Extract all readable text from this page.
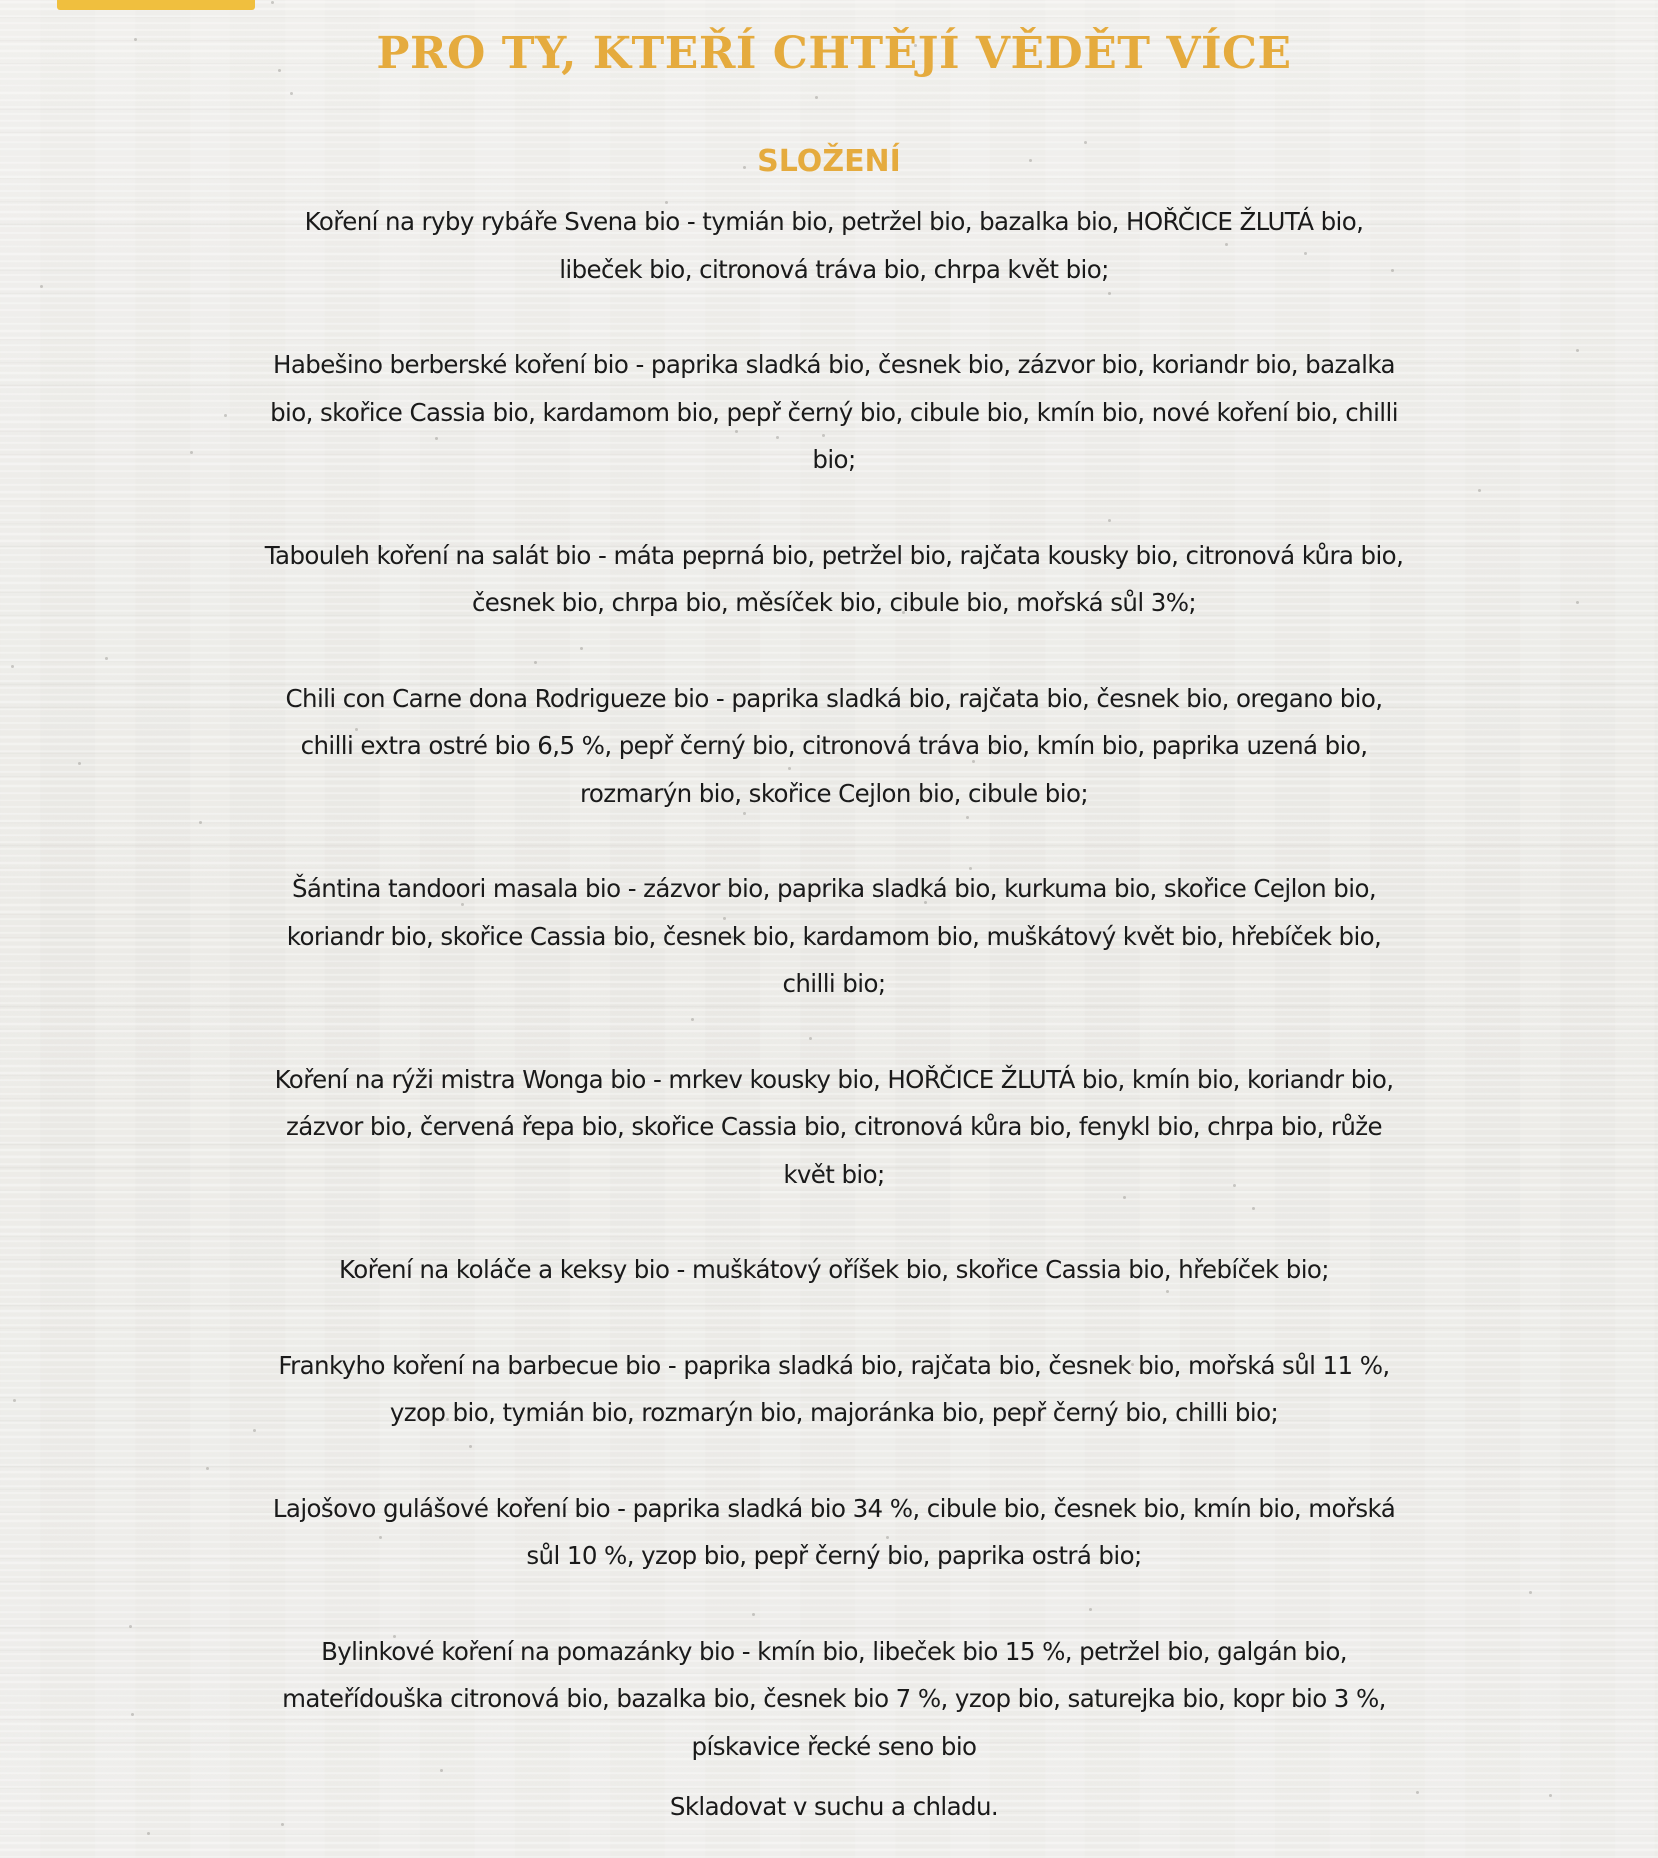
PRO TY, KTEŘÍ CHTĚJÍ VĚDĚT VÍCE
SLOŽENÍ
Koření na ryby rybáře Svena bio - tymián bio, petržel bio, bazalka bio, HOŘČICE ŽLUTÁ bio, libeček bio, citronová tráva bio, chrpa květ bio;
Habešino berberské koření bio - paprika sladká bio, česnek bio, zázvor bio, koriandr bio, bazalka bio, skořice Cassia bio, kardamom bio, pepř černý bio, cibule bio, kmín bio, nové koření bio, chilli bio;
Tabouleh koření na salát bio - máta peprná bio, petržel bio, rajčata kousky bio, citronová kůra bio, česnek bio, chrpa bio, měsíček bio, cibule bio, mořská sůl 3%;
Chili con Carne dona Rodrigueze bio - paprika sladká bio, rajčata bio, česnek bio, oregano bio, chilli extra ostré bio 6,5 %, pepř černý bio, citronová tráva bio, kmín bio, paprika uzená bio, rozmarýn bio, skořice Cejlon bio, cibule bio;
Šántina tandoori masala bio - zázvor bio, paprika sladká bio, kurkuma bio, skořice Cejlon bio, koriandr bio, skořice Cassia bio, česnek bio, kardamom bio, muškátový květ bio, hřebíček bio, chilli bio;
Koření na rýži mistra Wonga bio - mrkev kousky bio, HOŘČICE ŽLUTÁ bio, kmín bio, koriandr bio, zázvor bio, červená řepa bio, skořice Cassia bio, citronová kůra bio, fenykl bio, chrpa bio, růže květ bio;
Koření na koláče a keksy bio - muškátový oříšek bio, skořice Cassia bio, hřebíček bio;
Frankyho koření na barbecue bio - paprika sladká bio, rajčata bio, česnek bio, mořská sůl 11 %, yzop bio, tymián bio, rozmarýn bio, majoránka bio, pepř černý bio, chilli bio;
Lajošovo gulášové koření bio - paprika sladká bio 34 %, cibule bio, česnek bio, kmín bio, mořská sůl 10 %, yzop bio, pepř černý bio, paprika ostrá bio;
Bylinkové koření na pomazánky bio - kmín bio, libeček bio 15 %, petržel bio, galgán bio, mateřídouška citronová bio, bazalka bio, česnek bio 7 %, yzop bio, saturejka bio, kopr bio 3 %, pískavice řecké seno bio

Skladovat v suchu a chladu.
